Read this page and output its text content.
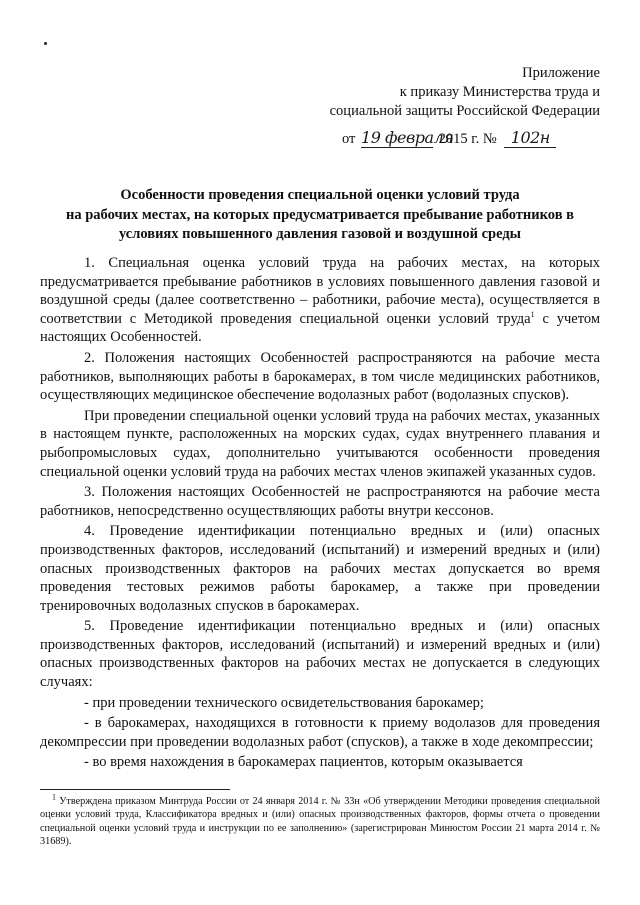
Приложение
к приказу Министерства труда и
социальной защиты Российской Федерации
от 19 февраля 2015 г. № 102н
Особенности проведения специальной оценки условий труда
на рабочих местах, на которых предусматривается пребывание работников в
условиях повышенного давления газовой и воздушной среды

1. Специальная оценка условий труда на рабочих местах, на которых предусматривается пребывание работников в условиях повышенного давления газовой и воздушной среды (далее соответственно – работники, рабочие места), осуществляется в соответствии с Методикой проведения специальной оценки условий труда$^1$ с учетом настоящих Особенностей.

2. Положения настоящих Особенностей распространяются на рабочие места работников, выполняющих работы в барокамерах, в том числе медицинских работников, осуществляющих медицинское обеспечение водолазных работ (водолазных спусков).

При проведении специальной оценки условий труда на рабочих местах, указанных в настоящем пункте, расположенных на морских судах, судах внутреннего плавания и рыбопромысловых судах, дополнительно учитываются особенности проведения специальной оценки условий труда на рабочих местах членов экипажей указанных судов.

3. Положения настоящих Особенностей не распространяются на рабочие места работников, непосредственно осуществляющих работы внутри кессонов.

4. Проведение идентификации потенциально вредных и (или) опасных производственных факторов, исследований (испытаний) и измерений вредных и (или) опасных производственных факторов на рабочих местах допускается во время проведения тестовых режимов работы барокамер, а также при проведении тренировочных водолазных спусков в барокамерах.

5. Проведение идентификации потенциально вредных и (или) опасных производственных факторов, исследований (испытаний) и измерений вредных и (или) опасных производственных факторов на рабочих местах не допускается в следующих случаях:

- при проведении технического освидетельствования барокамер;

- в барокамерах, находящихся в готовности к приему водолазов для проведения декомпрессии при проведении водолазных работ (спусков), а также в ходе декомпрессии;

- во время нахождения в барокамерах пациентов, которым оказывается

$^1$ Утверждена приказом Минтруда России от 24 января 2014 г. № 33н «Об утверждении Методики проведения специальной оценки условий труда, Классификатора вредных и (или) опасных производственных факторов, формы отчета о проведении специальной оценки условий труда и инструкции по ее заполнению» (зарегистрирован Минюстом России 21 марта 2014 г. № 31689).
